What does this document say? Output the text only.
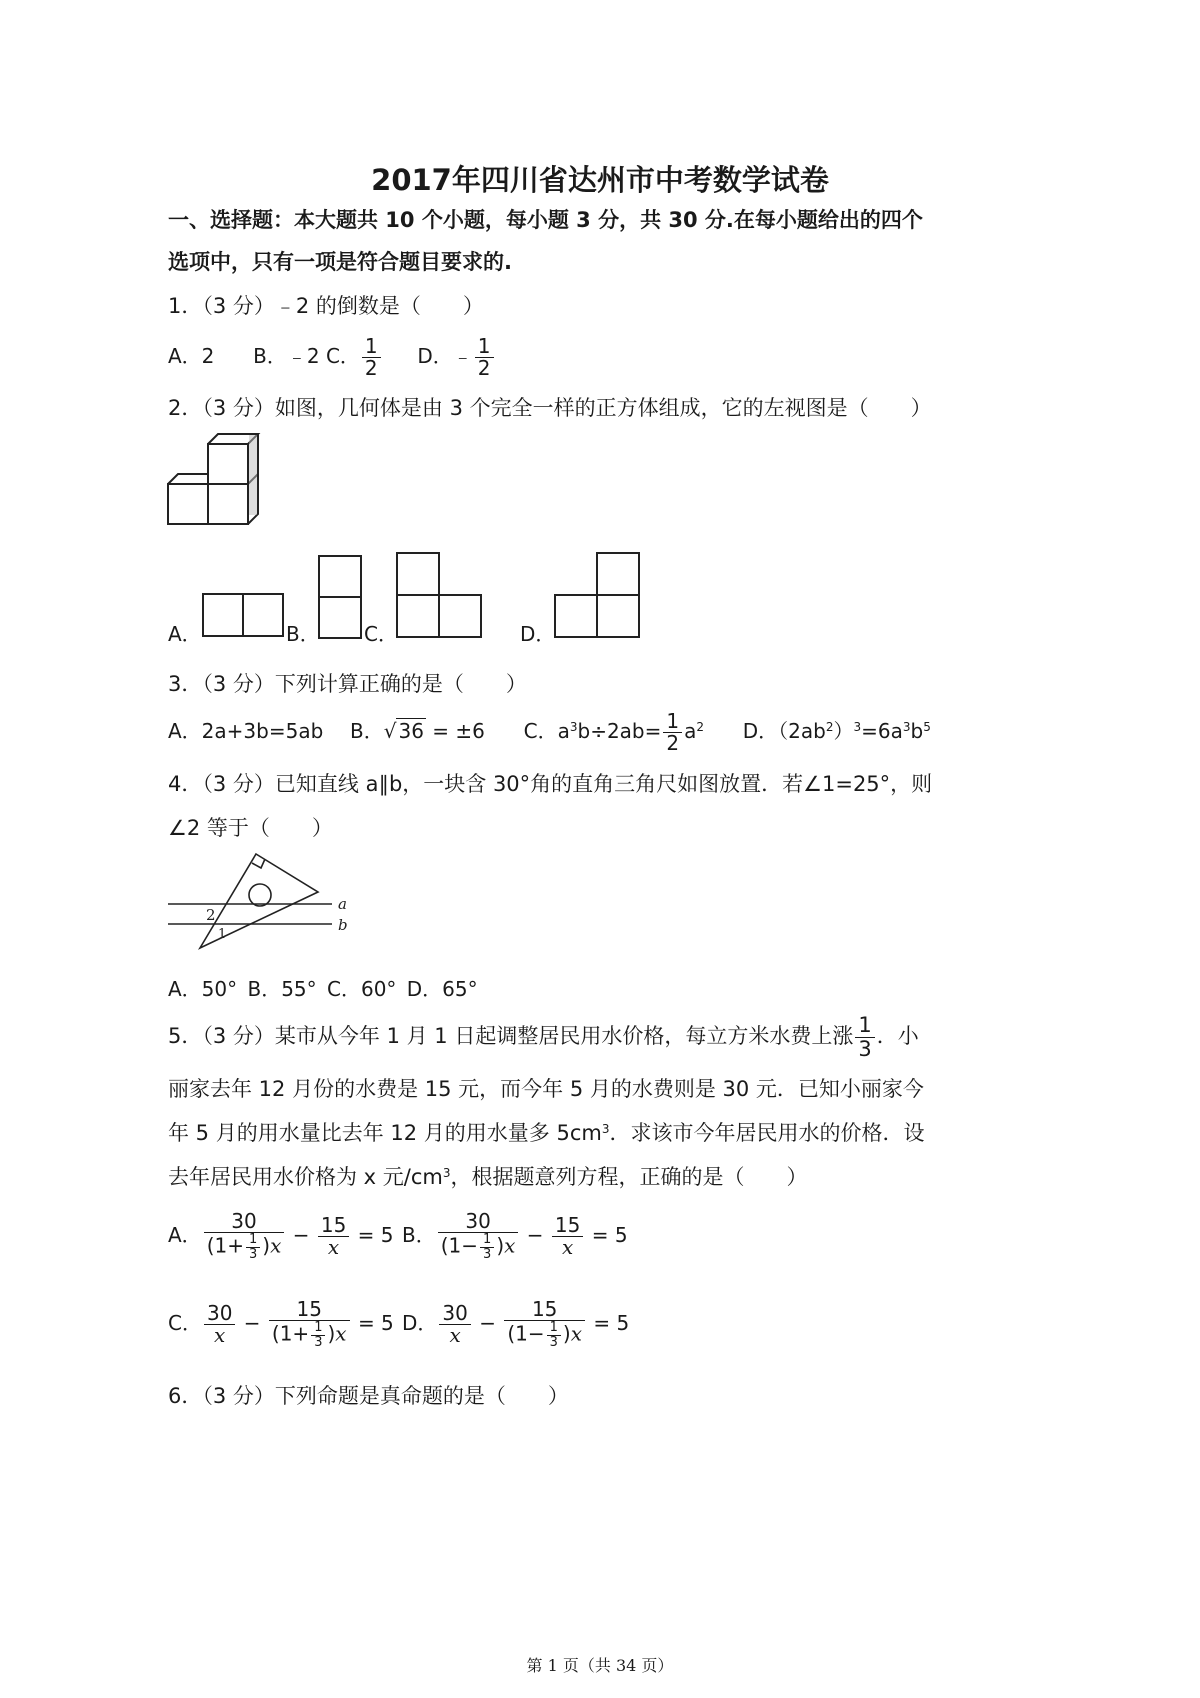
2017年四川省达州市中考数学试卷
一、选择题：本大题共 10 个小题，每小题 3 分，共 30 分.在每小题给出的四个
选项中，只有一项是符合题目要求的.
1．（3 分）﹣2 的倒数是（　　）
A．2 B．﹣2 C． $\frac{1}{2}$ D．﹣ $\frac{1}{2}$
2．（3 分）如图，几何体是由 3 个完全一样的正方体组成，它的左视图是（　　）
A．	B． C．	D．
3．（3 分）下列计算正确的是（　　）
A．2a+3b=5ab B．√ 36 = ±6 C．$a^3b\div 2ab= \frac{1}{2} a^2$ D．$(2ab^2)^3=6a^3b^5$
4．（3 分）已知直线 a∥b，一块含 30°角的直角三角尺如图放置．若∠1=25°，则
∠2 等于（　　）
a
b
2
1
A．50° B．55° C．60° D．65°
5．（3 分）某市从今年 1 月 1 日起调整居民用水价格，每立方米水费上涨 $\frac{1}{3}$ ．小
丽家去年 12 月份的水费是 15 元，而今年 5 月的水费则是 30 元．已知小丽家今
年 5 月的用水量比去年 12 月的用水量多 $5cm^3$．求该市今年居民用水的价格．设
去年居民用水价格为 x 元$/cm^3$，根据题意列方程，正确的是（　　）
A． $\frac{30}{(1+ \frac{1}{3} )x} - \frac{15}{x} = 5$ B． $\frac{30}{(1- \frac{1}{3} )x} - \frac{15}{x} = 5$
C． $\frac{30}{x} - \frac{15}{(1+ \frac{1}{3} )x} = 5$ D． $\frac{30}{x} - \frac{15}{(1- \frac{1}{3} )x} = 5$
6．（3 分）下列命题是真命题的是（　　）
第 1 页（共 34 页）
